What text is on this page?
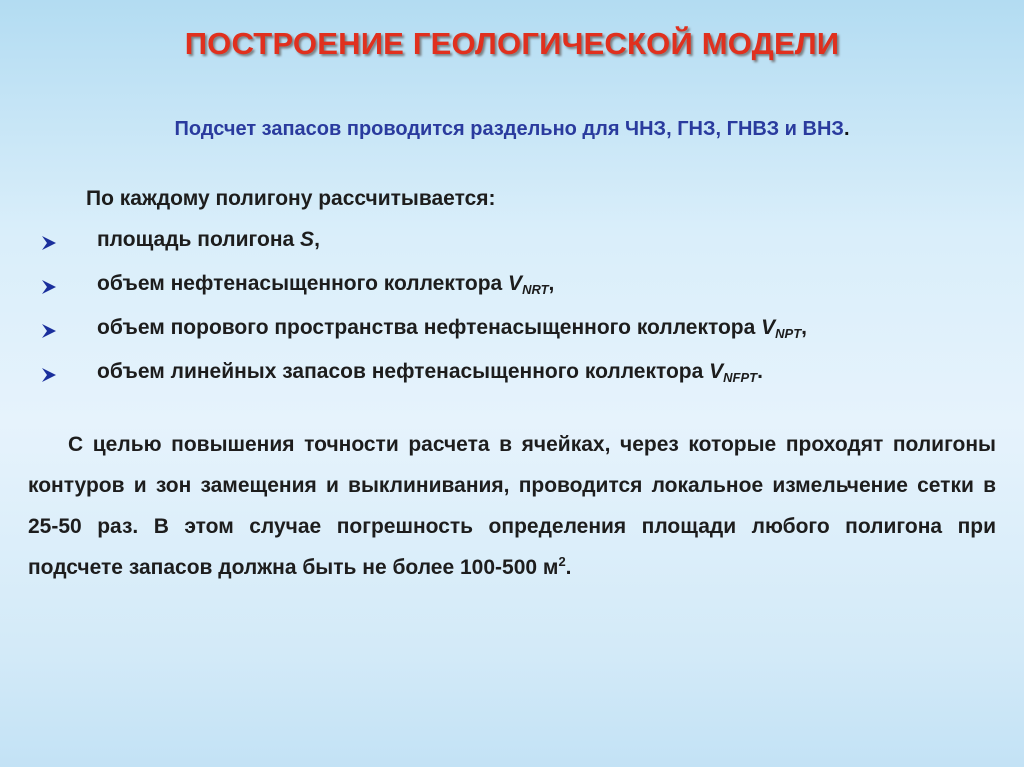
ПОСТРОЕНИЕ ГЕОЛОГИЧЕСКОЙ МОДЕЛИ
Подсчет запасов проводится раздельно для ЧНЗ, ГНЗ, ГНВЗ и ВНЗ.
По каждому полигону рассчитывается:
площадь полигона S,
объем нефтенасыщенного коллектора $V_{NRT}$,
объем порового пространства нефтенасыщенного коллектора $V_{NPT}$,
объем линейных запасов нефтенасыщенного коллектора $V_{NFPT}$.
С целью повышения точности расчета в ячейках, через которые проходят полигоны контуров и зон замещения и выклинивания, проводится локальное измельчение сетки в 25-50 раз. В этом случае погрешность определения площади любого полигона при подсчете запасов должна быть не более 100-500 $м^2$.
